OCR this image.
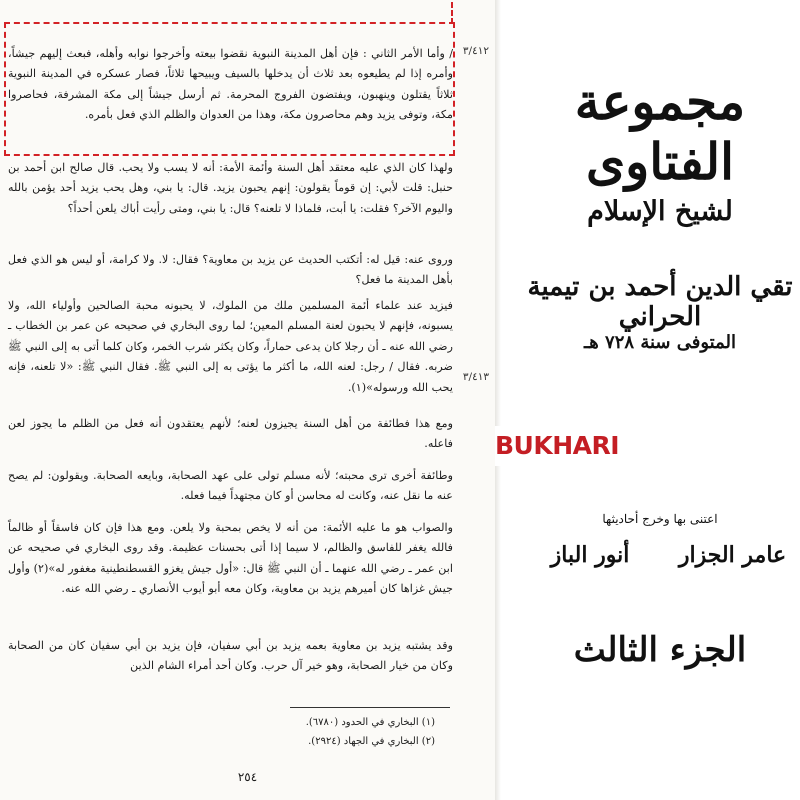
٣/٤١٢
٣/٤١٣

/ وأما الأمر الثاني : فإن أهل المدينة النبوية نقضوا بيعته وأخرجوا نوابه وأهله، فبعث إليهم جيشاً، وأمره إذا لم يطيعوه بعد ثلاث أن يدخلها بالسيف ويبيحها ثلاثاً، فصار عسكره في المدينة النبوية ثلاثاً يقتلون وينهبون، ويفتضون الفروج المحرمة. ثم أرسل جيشاً إلى مكة المشرفة، فحاصروا مكة، وتوفى يزيد وهم محاصرون مكة، وهذا من العدوان والظلم الذي فعل بأمره.

ولهذا كان الذي عليه معتقد أهل السنة وأئمة الأمة: أنه لا يسب ولا يحب. قال صالح ابن أحمد بن حنبل: قلت لأبي: إن قوماً يقولون: إنهم يحبون يزيد. قال: يا بني، وهل يحب يزيد أحد يؤمن بالله واليوم الآخر؟ فقلت: يا أبت، فلماذا لا تلعنه؟ قال: يا بني، ومتى رأيت أباك يلعن أحداً؟

وروى عنه: قيل له: أتكتب الحديث عن يزيد بن معاوية؟ فقال: لا. ولا كرامة، أو ليس هو الذي فعل بأهل المدينة ما فعل؟

فيزيد عند علماء أئمة المسلمين ملك من الملوك، لا يحبونه محبة الصالحين وأولياء الله، ولا يسبونه، فإنهم لا يحبون لعنة المسلم المعين؛ لما روى البخاري في صحيحه عن عمر بن الخطاب ـ رضي الله عنه ـ أن رجلا كان يدعى حماراً، وكان يكثر شرب الخمر، وكان كلما أتى به إلى النبي ﷺ ضربه. فقال / رجل: لعنه الله، ما أكثر ما يؤتى به إلى النبي ﷺ. فقال النبي ﷺ: «لا تلعنه، فإنه يحب الله ورسوله»(١).

ومع هذا فطائفة من أهل السنة يجيزون لعنه؛ لأنهم يعتقدون أنه فعل من الظلم ما يجوز لعن فاعله.

وطائفة أخرى ترى محبته؛ لأنه مسلم تولى على عهد الصحابة، وبايعه الصحابة. ويقولون: لم يصح عنه ما نقل عنه، وكانت له محاسن أو كان مجتهداً فيما فعله.

والصواب هو ما عليه الأئمة: من أنه لا يخص بمحبة ولا يلعن. ومع هذا فإن كان فاسقاً أو ظالماً فالله يغفر للفاسق والظالم، لا سيما إذا أتى بحسنات عظيمة. وقد روى البخاري في صحيحه عن ابن عمر ـ رضي الله عنهما ـ أن النبي ﷺ قال: «أول جيش يغزو القسطنطينية مغفور له»(٢) وأول جيش غزاها كان أميرهم يزيد بن معاوية، وكان معه أبو أيوب الأنصاري ـ رضي الله عنه.

وقد يشتبه يزيد بن معاوية بعمه يزيد بن أبي سفيان، فإن يزيد بن أبي سفيان كان من الصحابة وكان من خيار الصحابة، وهو خير آل حرب. وكان أحد أمراء الشام الذين

(١) البخاري في الحدود (٦٧٨٠).
(٢) البخاري في الجهاد (٢٩٢٤).
٢٥٤
مجموعة الفتاوى
لشيخ الإسلام
تقي الدين أحمد بن تيمية الحراني
المتوفى سنة ٧٢٨ هـ
اعتنى بها وخرج أحاديثها
عامر الجزار
أنور الباز
الجزء الثالث
BUKHARI
